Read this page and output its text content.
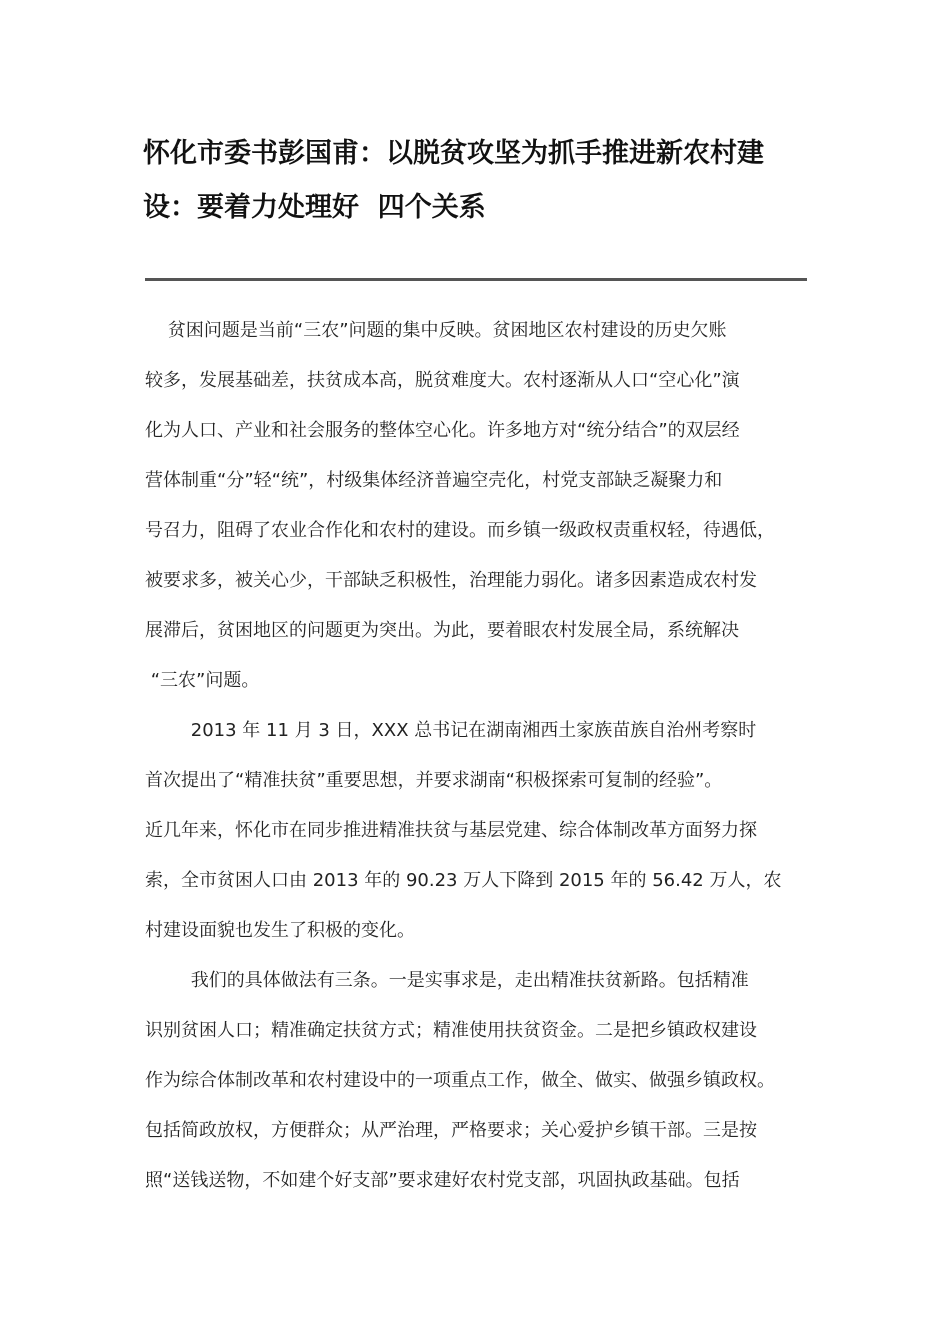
怀化市委书彭国甫：以脱贫攻坚为抓手推进新农村建
设：要着力处理好  四个关系
贫困问题是当前“三农”问题的集中反映。贫困地区农村建设的历史欠账
较多，发展基础差，扶贫成本高，脱贫难度大。农村逐渐从人口“空心化”演
化为人口、产业和社会服务的整体空心化。许多地方对“统分结合”的双层经
营体制重“分”轻“统”，村级集体经济普遍空壳化，村党支部缺乏凝聚力和
号召力，阻碍了农业合作化和农村的建设。而乡镇一级政权责重权轻，待遇低，
被要求多，被关心少，干部缺乏积极性，治理能力弱化。诸多因素造成农村发
展滞后，贫困地区的问题更为突出。为此，要着眼农村发展全局，系统解决
“三农”问题。
2013 年 11 月 3 日，XXX 总书记在湖南湘西土家族苗族自治州考察时
首次提出了“精准扶贫”重要思想，并要求湖南“积极探索可复制的经验”。
近几年来，怀化市在同步推进精准扶贫与基层党建、综合体制改革方面努力探
索，全市贫困人口由 2013 年的 90.23 万人下降到 2015 年的 56.42 万人，农
村建设面貌也发生了积极的变化。
我们的具体做法有三条。一是实事求是，走出精准扶贫新路。包括精准
识别贫困人口；精准确定扶贫方式；精准使用扶贫资金。二是把乡镇政权建设
作为综合体制改革和农村建设中的一项重点工作，做全、做实、做强乡镇政权。
包括简政放权，方便群众；从严治理，严格要求；关心爱护乡镇干部。三是按
照“送钱送物，不如建个好支部”要求建好农村党支部，巩固执政基础。包括
